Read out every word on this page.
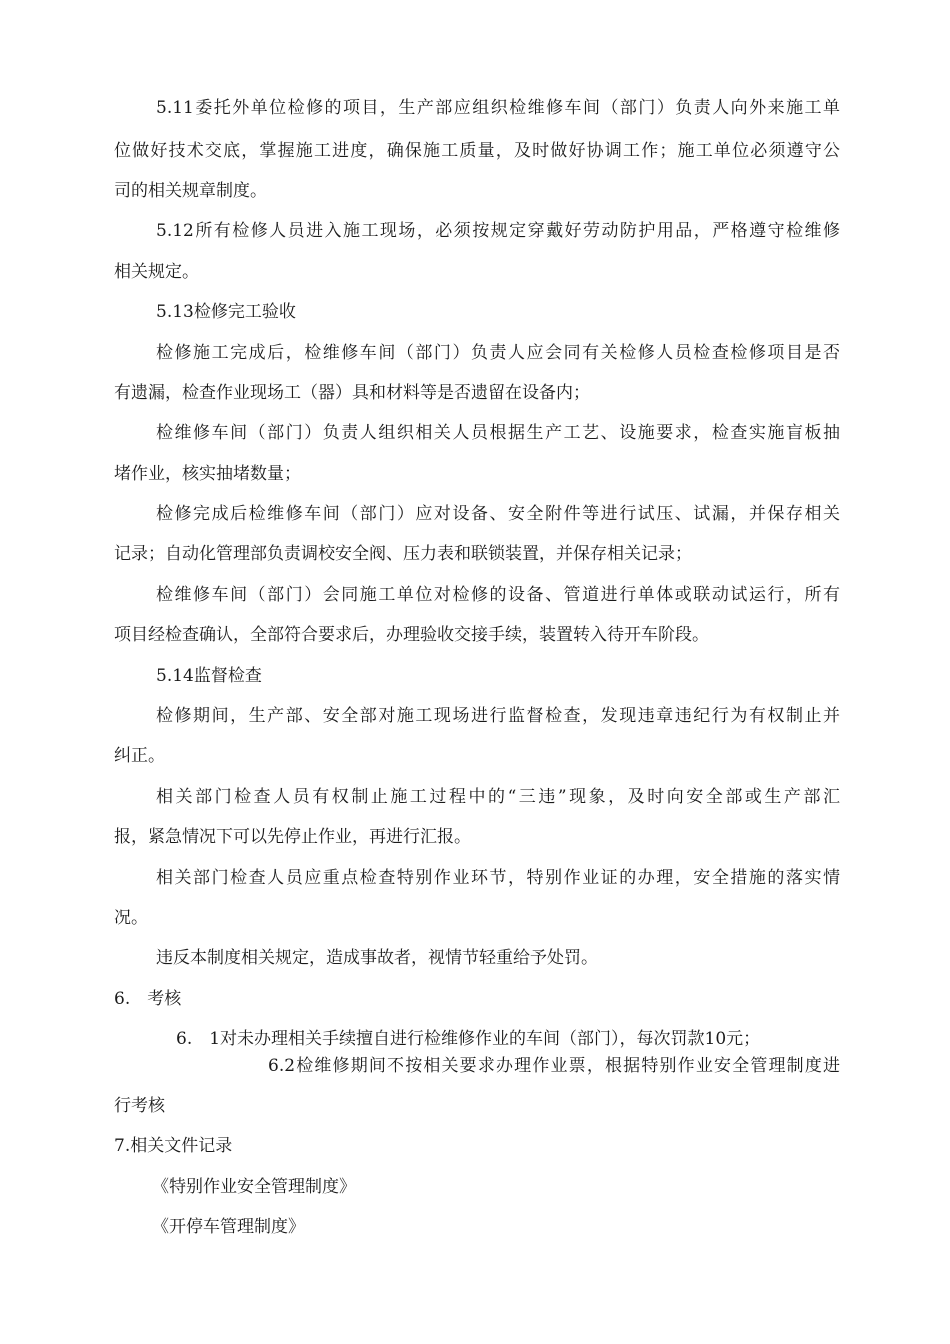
5.11委托外单位检修的项目，生产部应组织检维修车间（部门）负责人向外来施工单
位做好技术交底，掌握施工进度，确保施工质量，及时做好协调工作；施工单位必须遵守公
司的相关规章制度。
5.12所有检修人员进入施工现场，必须按规定穿戴好劳动防护用品，严格遵守检维修
相关规定。
5.13检修完工验收
检修施工完成后，检维修车间（部门）负责人应会同有关检修人员检查检修项目是否
有遗漏，检查作业现场工（器）具和材料等是否遗留在设备内；
检维修车间（部门）负责人组织相关人员根据生产工艺、设施要求，检查实施盲板抽
堵作业，核实抽堵数量；
检修完成后检维修车间（部门）应对设备、安全附件等进行试压、试漏，并保存相关
记录；自动化管理部负责调校安全阀、压力表和联锁装置，并保存相关记录；
检维修车间（部门）会同施工单位对检修的设备、管道进行单体或联动试运行，所有
项目经检查确认，全部符合要求后，办理验收交接手续，装置转入待开车阶段。
5.14监督检查
检修期间，生产部、安全部对施工现场进行监督检查，发现违章违纪行为有权制止并
纠正。
相关部门检查人员有权制止施工过程中的“三违”现象，及时向安全部或生产部汇
报，紧急情况下可以先停止作业，再进行汇报。
相关部门检查人员应重点检查特别作业环节，特别作业证的办理，安全措施的落实情
况。
违反本制度相关规定，造成事故者，视情节轻重给予处罚。
6.　考核
6.　1对未办理相关手续擅自进行检维修作业的车间（部门），每次罚款10元；
6.2检维修期间不按相关要求办理作业票，根据特别作业安全管理制度进
行考核
7.相关文件记录
《特别作业安全管理制度》
《开停车管理制度》
